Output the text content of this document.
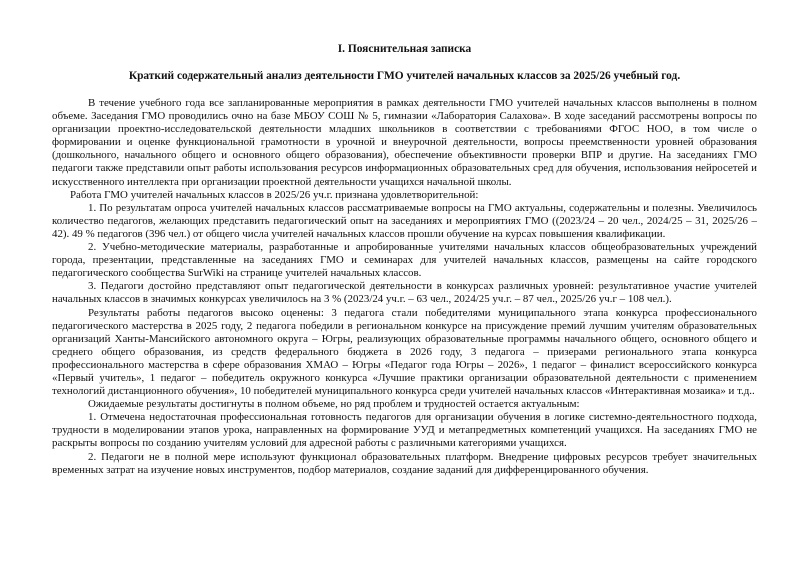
I. Пояснительная записка

Краткий содержательный анализ деятельности ГМО учителей начальных классов за 2025/26 учебный год.

В течение учебного года все запланированные мероприятия в рамках деятельности ГМО учителей начальных классов выполнены в полном объеме. Заседания ГМО проводились очно на базе МБОУ СОШ № 5, гимназии «Лаборатория Салахова». В ходе заседаний рассмотрены вопросы по организации проектно-исследовательской деятельности младших школьников в соответствии с требованиями ФГОС НОО, в том числе о формировании и оценке функциональной грамотности в урочной и внеурочной деятельности, вопросы преемственности уровней образования (дошкольного, начального общего и основного общего образования), обеспечение объективности проверки ВПР и другие. На заседаниях ГМО педагоги также представили опыт работы использования ресурсов информационных образовательных сред для обучения, использования нейросетей и искусственного интеллекта при организации проектной деятельности учащихся начальной школы.

Работа ГМО учителей начальных классов в 2025/26 уч.г. признана удовлетворительной:

1. По результатам опроса учителей начальных классов рассматриваемые вопросы на ГМО актуальны, содержательны и полезны. Увеличилось количество педагогов, желающих представить педагогический опыт на заседаниях и мероприятиях ГМО ((2023/24 – 20 чел., 2024/25 – 31, 2025/26 – 42). 49 % педагогов (396 чел.) от общего числа учителей начальных классов прошли обучение на курсах повышения квалификации.

2. Учебно-методические материалы, разработанные и апробированные учителями начальных классов общеобразовательных учреждений города, презентации, представленные на заседаниях ГМО и семинарах для учителей начальных классов, размещены на сайте городского педагогического сообщества SurWiki на странице учителей начальных классов.

3. Педагоги достойно представляют опыт педагогической деятельности в конкурсах различных уровней: результативное участие учителей начальных классов в значимых конкурсах увеличилось на 3 % (2023/24 уч.г. – 63 чел., 2024/25 уч.г. – 87 чел., 2025/26 уч.г – 108 чел.).

Результаты работы педагогов высоко оценены: 3 педагога стали победителями муниципального этапа конкурса профессионального педагогического мастерства в 2025 году, 2 педагога победили в региональном конкурсе на присуждение премий лучшим учителям образовательных организаций Ханты-Мансийского автономного округа – Югры, реализующих образовательные программы начального общего, основного общего и среднего общего образования, из средств федерального бюджета в 2026 году, 3 педагога – призерами регионального этапа конкурса профессионального мастерства в сфере образования ХМАО – Югры «Педагог года Югры – 2026», 1 педагог – финалист всероссийского конкурса «Первый учитель», 1 педагог – победитель окружного конкурса «Лучшие практики организации образовательной деятельности с применением технологий дистанционного обучения», 10 победителей муниципального конкурса среди учителей начальных классов «Интерактивная мозаика» и т.д..

Ожидаемые результаты достигнуты в полном объеме, но ряд проблем и трудностей остается актуальным:

1. Отмечена недостаточная профессиональная готовность педагогов для организации обучения в логике системно-деятельностного подхода, трудности в моделировании этапов урока, направленных на формирование УУД и метапредметных компетенций учащихся. На заседаниях ГМО не раскрыты вопросы по созданию учителям условий для адресной работы с различными категориями учащихся.

2. Педагоги не в полной мере используют функционал образовательных платформ. Внедрение цифровых ресурсов требует значительных временных затрат на изучение новых инструментов, подбор материалов, создание заданий для дифференцированного обучения.
